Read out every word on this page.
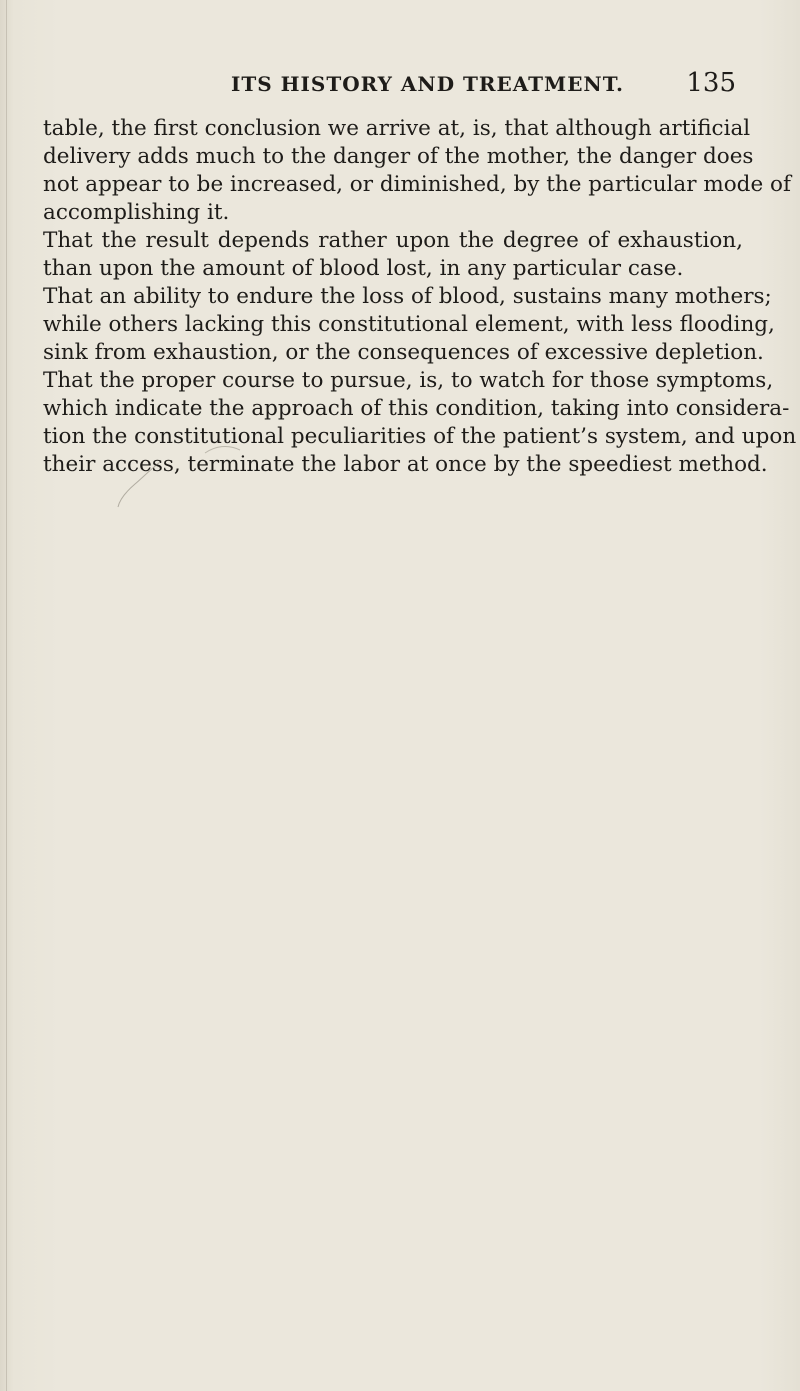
ITS HISTORY AND TREATMENT. 135
table, the first conclusion we arrive at, is, that although artificial
delivery adds much to the danger of the mother, the danger does
not appear to be increased, or diminished, by the particular mode of
accomplishing it.
That the result depends rather upon the degree of exhaustion,
than upon the amount of blood lost, in any particular case.
That an ability to endure the loss of blood, sustains many mothers;
while others lacking this constitutional element, with less flooding,
sink from exhaustion, or the consequences of excessive depletion.
That the proper course to pursue, is, to watch for those symptoms,
which indicate the approach of this condition, taking into considera-
tion the constitutional peculiarities of the patient’s system, and upon
their access, terminate the labor at once by the speediest method.
